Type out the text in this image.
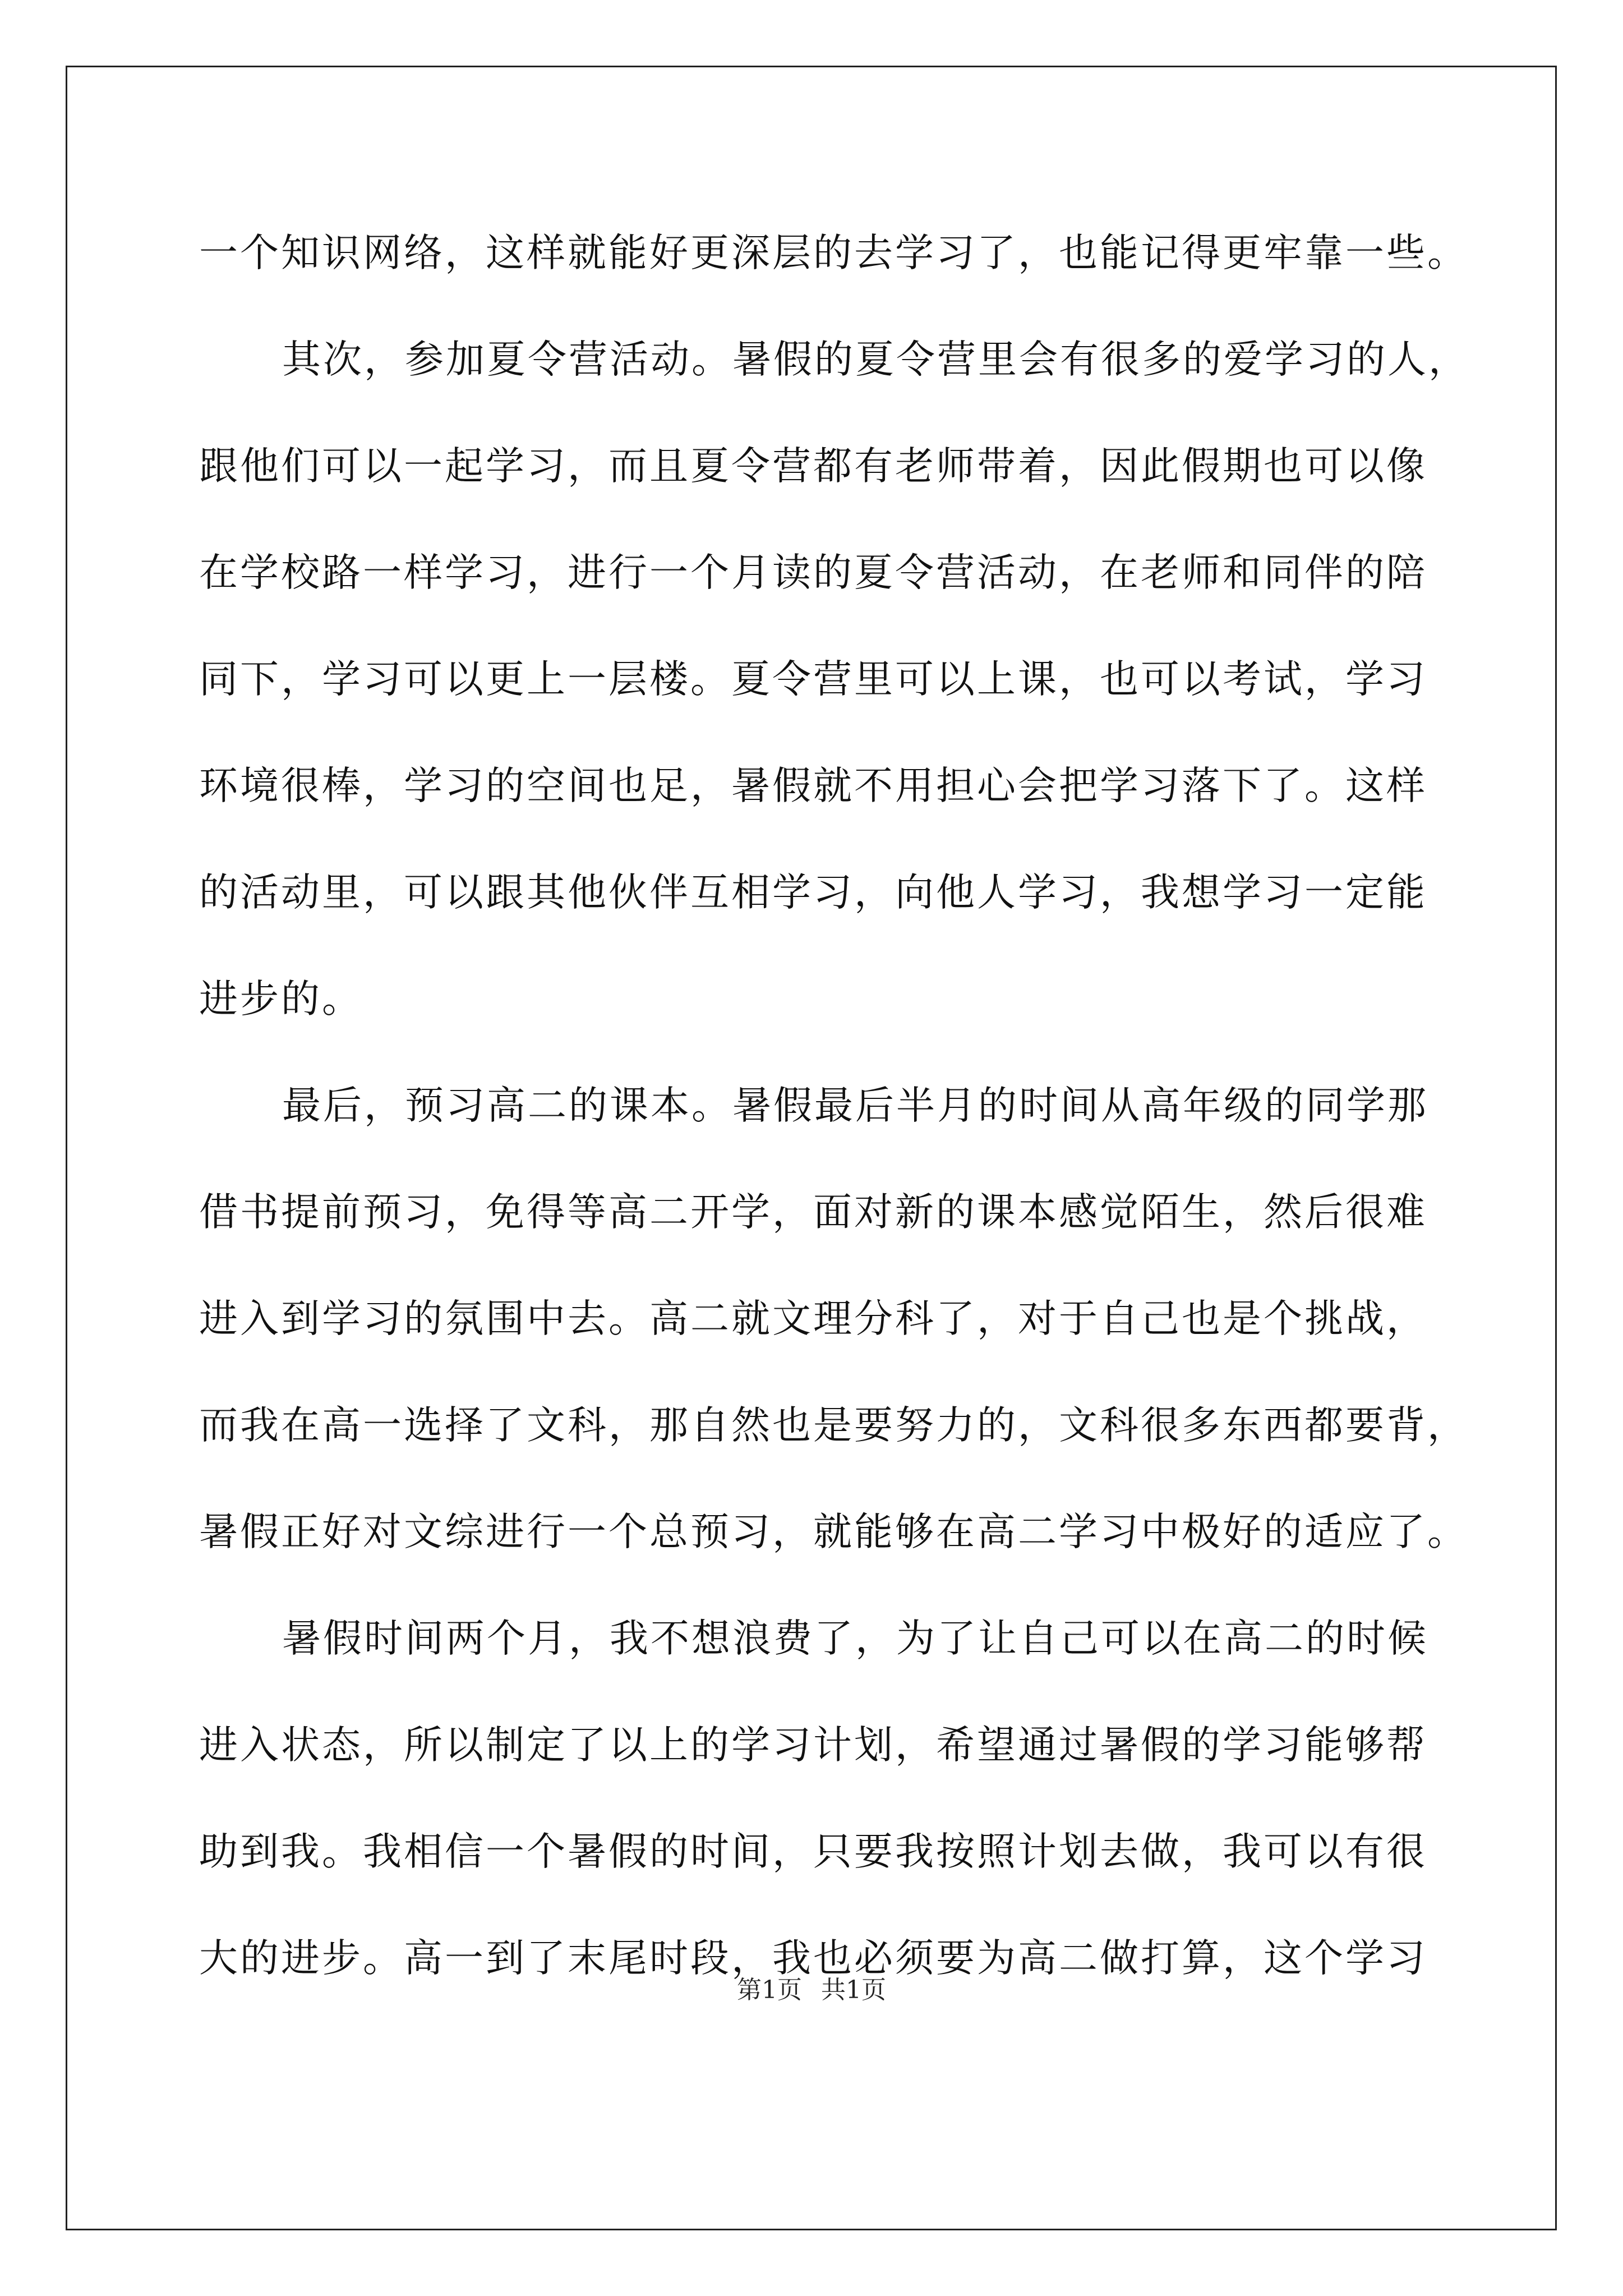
一个知识网络，这样就能好更深层的去学习了，也能记得更牢靠一些。
其次，参加夏令营活动。暑假的夏令营里会有很多的爱学习的人，
跟他们可以一起学习，而且夏令营都有老师带着，因此假期也可以像
在学校路一样学习，进行一个月读的夏令营活动，在老师和同伴的陪
同下，学习可以更上一层楼。夏令营里可以上课，也可以考试，学习
环境很棒，学习的空间也足，暑假就不用担心会把学习落下了。这样
的活动里，可以跟其他伙伴互相学习，向他人学习，我想学习一定能
进步的。
最后，预习高二的课本。暑假最后半月的时间从高年级的同学那
借书提前预习，免得等高二开学，面对新的课本感觉陌生，然后很难
进入到学习的氛围中去。高二就文理分科了，对于自己也是个挑战，
而我在高一选择了文科，那自然也是要努力的，文科很多东西都要背，
暑假正好对文综进行一个总预习，就能够在高二学习中极好的适应了。
暑假时间两个月，我不想浪费了，为了让自己可以在高二的时候
进入状态，所以制定了以上的学习计划，希望通过暑假的学习能够帮
助到我。我相信一个暑假的时间，只要我按照计划去做，我可以有很
大的进步。高一到了末尾时段，我也必须要为高二做打算，这个学习
第1页 共1页
